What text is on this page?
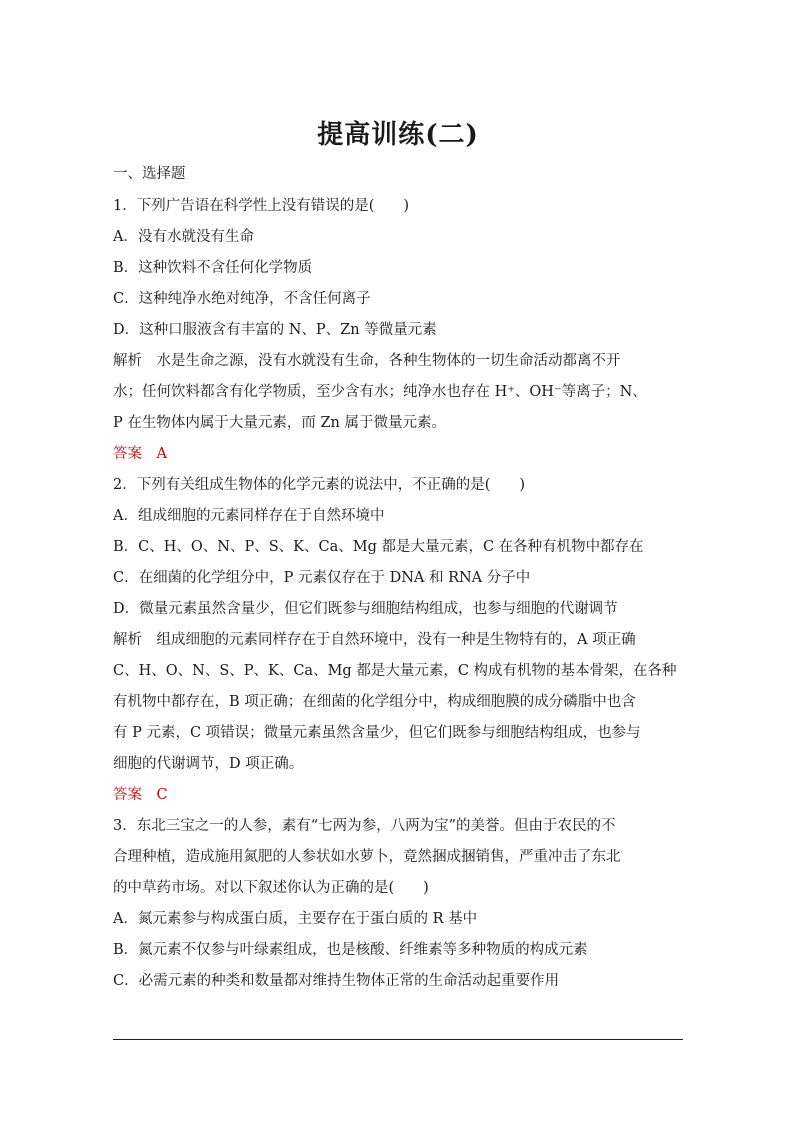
提高训练(二)
一、选择题
1．下列广告语在科学性上没有错误的是(　　)
A．没有水就没有生命
B．这种饮料不含任何化学物质
C．这种纯净水绝对纯净，不含任何离子
D．这种口服液含有丰富的 N、P、Zn 等微量元素
解析　水是生命之源，没有水就没有生命，各种生物体的一切生命活动都离不开
水；任何饮料都含有化学物质，至少含有水；纯净水也存在 H⁺、OH⁻等离子；N、
P 在生物体内属于大量元素，而 Zn 属于微量元素。
答案　A
2．下列有关组成生物体的化学元素的说法中，不正确的是(　　)
A．组成细胞的元素同样存在于自然环境中
B．C、H、O、N、P、S、K、Ca、Mg 都是大量元素，C 在各种有机物中都存在
C．在细菌的化学组分中，P 元素仅存在于 DNA 和 RNA 分子中
D．微量元素虽然含量少，但它们既参与细胞结构组成，也参与细胞的代谢调节
解析　组成细胞的元素同样存在于自然环境中，没有一种是生物特有的，A 项正确
C、H、O、N、S、P、K、Ca、Mg 都是大量元素，C 构成有机物的基本骨架，在各种
有机物中都存在，B 项正确；在细菌的化学组分中，构成细胞膜的成分磷脂中也含
有 P 元素，C 项错误；微量元素虽然含量少，但它们既参与细胞结构组成，也参与
细胞的代谢调节，D 项正确。
答案　C
3．东北三宝之一的人参，素有“七两为参，八两为宝”的美誉。但由于农民的不
合理种植，造成施用氮肥的人参状如水萝卜，竟然捆成捆销售，严重冲击了东北
的中草药市场。对以下叙述你认为正确的是(　　)
A．氮元素参与构成蛋白质，主要存在于蛋白质的 R 基中
B．氮元素不仅参与叶绿素组成，也是核酸、纤维素等多种物质的构成元素
C．必需元素的种类和数量都对维持生物体正常的生命活动起重要作用
